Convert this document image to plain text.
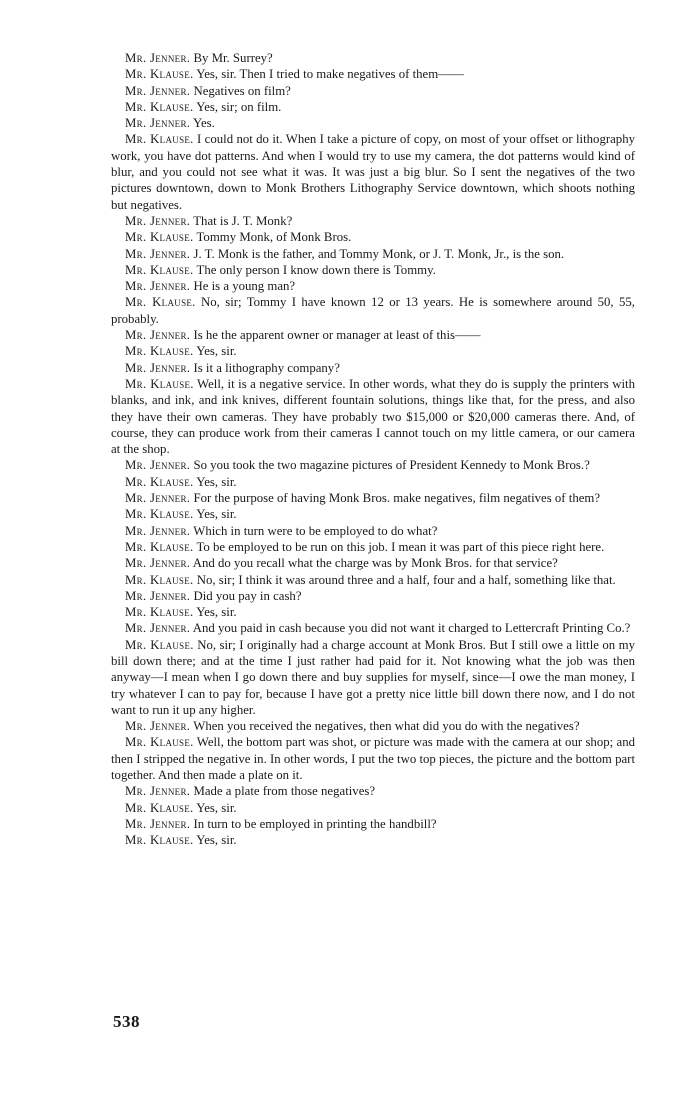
Mr. Jenner. By Mr. Surrey?

Mr. Klause. Yes, sir. Then I tried to make negatives of them——

Mr. Jenner. Negatives on film?

Mr. Klause. Yes, sir; on film.

Mr. Jenner. Yes.

Mr. Klause. I could not do it. When I take a picture of copy, on most of your offset or lithography work, you have dot patterns. And when I would try to use my camera, the dot patterns would kind of blur, and you could not see what it was. It was just a big blur. So I sent the negatives of the two pictures downtown, down to Monk Brothers Lithography Service downtown, which shoots nothing but negatives.

Mr. Jenner. That is J. T. Monk?

Mr. Klause. Tommy Monk, of Monk Bros.

Mr. Jenner. J. T. Monk is the father, and Tommy Monk, or J. T. Monk, Jr., is the son.

Mr. Klause. The only person I know down there is Tommy.

Mr. Jenner. He is a young man?

Mr. Klause. No, sir; Tommy I have known 12 or 13 years. He is somewhere around 50, 55, probably.

Mr. Jenner. Is he the apparent owner or manager at least of this——

Mr. Klause. Yes, sir.

Mr. Jenner. Is it a lithography company?

Mr. Klause. Well, it is a negative service. In other words, what they do is supply the printers with blanks, and ink, and ink knives, different fountain solutions, things like that, for the press, and also they have their own cameras. They have probably two $15,000 or $20,000 cameras there. And, of course, they can produce work from their cameras I cannot touch on my little camera, or our camera at the shop.

Mr. Jenner. So you took the two magazine pictures of President Kennedy to Monk Bros.?

Mr. Klause. Yes, sir.

Mr. Jenner. For the purpose of having Monk Bros. make negatives, film negatives of them?

Mr. Klause. Yes, sir.

Mr. Jenner. Which in turn were to be employed to do what?

Mr. Klause. To be employed to be run on this job. I mean it was part of this piece right here.

Mr. Jenner. And do you recall what the charge was by Monk Bros. for that service?

Mr. Klause. No, sir; I think it was around three and a half, four and a half, something like that.

Mr. Jenner. Did you pay in cash?

Mr. Klause. Yes, sir.

Mr. Jenner. And you paid in cash because you did not want it charged to Lettercraft Printing Co.?

Mr. Klause. No, sir; I originally had a charge account at Monk Bros. But I still owe a little on my bill down there; and at the time I just rather had paid for it. Not knowing what the job was then anyway—I mean when I go down there and buy supplies for myself, since—I owe the man money, I try whatever I can to pay for, because I have got a pretty nice little bill down there now, and I do not want to run it up any higher.

Mr. Jenner. When you received the negatives, then what did you do with the negatives?

Mr. Klause. Well, the bottom part was shot, or picture was made with the camera at our shop; and then I stripped the negative in. In other words, I put the two top pieces, the picture and the bottom part together. And then made a plate on it.

Mr. Jenner. Made a plate from those negatives?

Mr. Klause. Yes, sir.

Mr. Jenner. In turn to be employed in printing the handbill?

Mr. Klause. Yes, sir.

538
